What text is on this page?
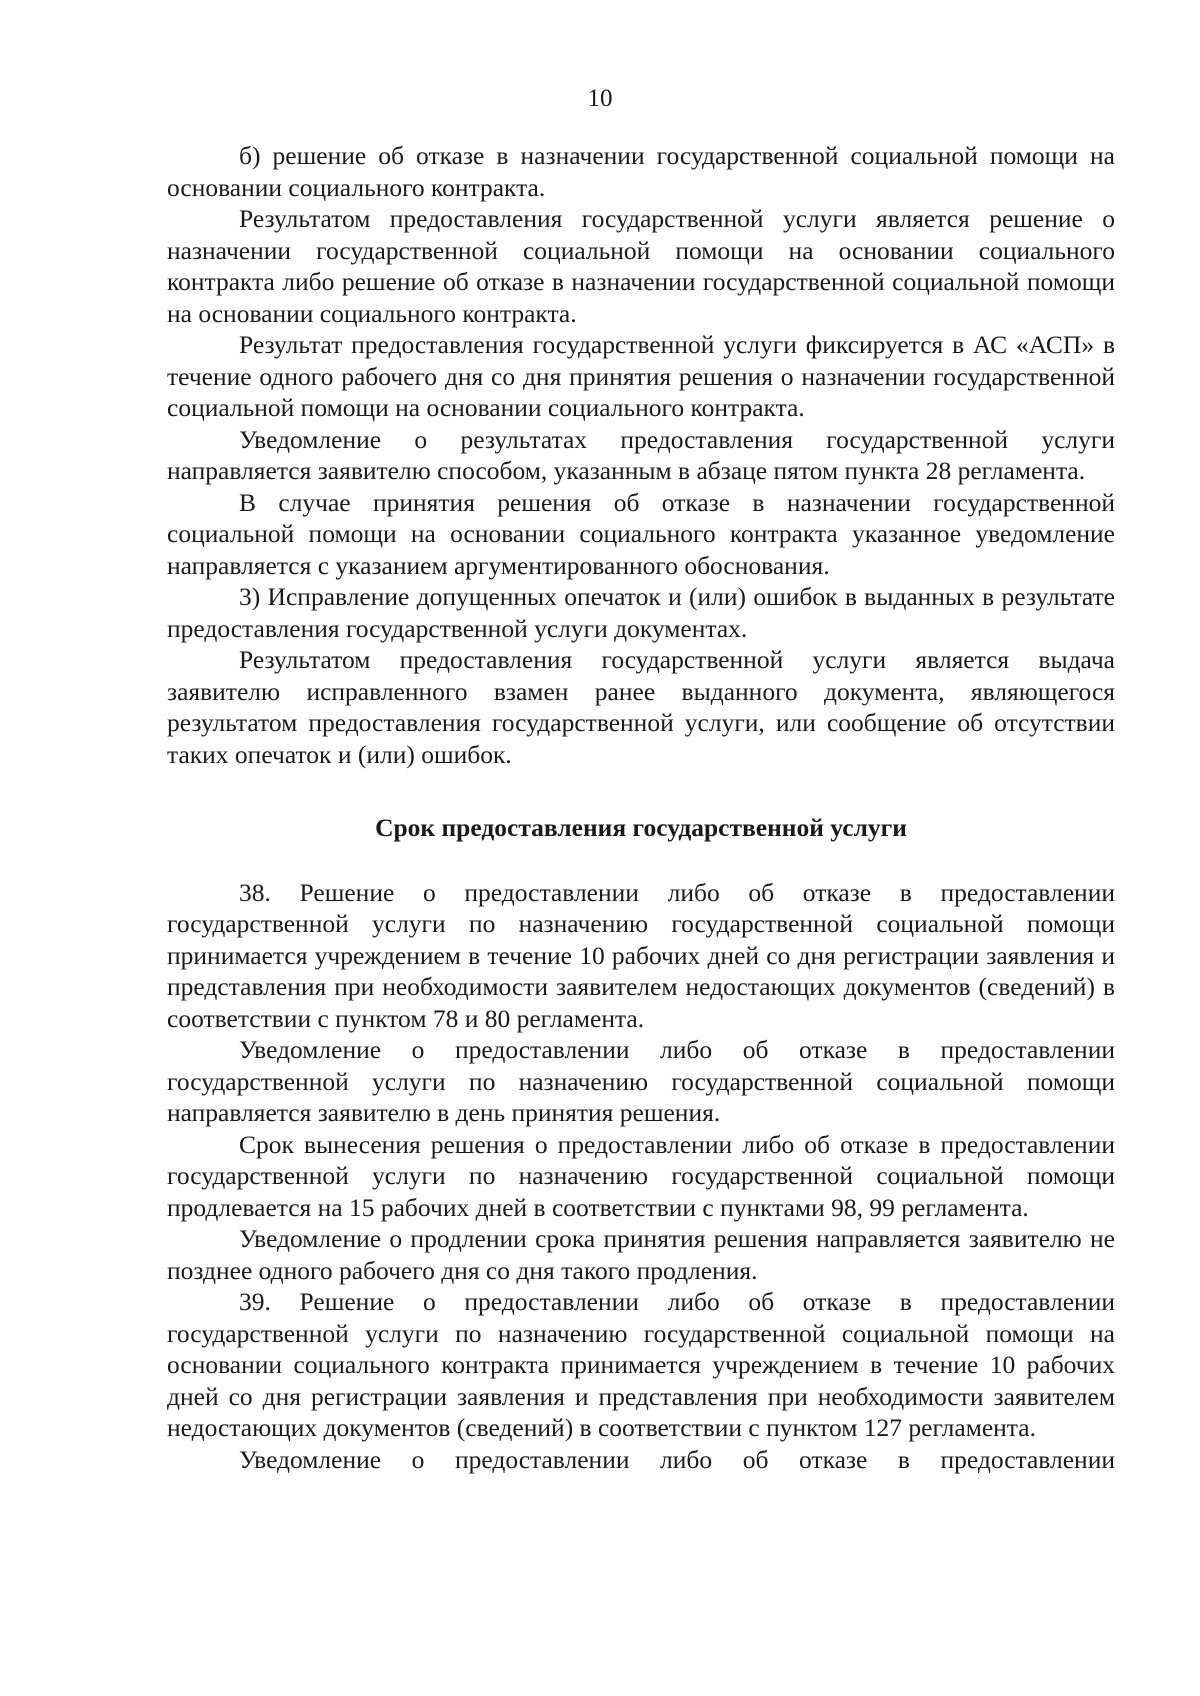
10

б) решение об отказе в назначении государственной социальной помощи на основании социального контракта.

Результатом предоставления государственной услуги является решение о назначении государственной социальной помощи на основании социального контракта либо решение об отказе в назначении государственной социальной помощи на основании социального контракта.

Результат предоставления государственной услуги фиксируется в АС «АСП» в течение одного рабочего дня со дня принятия решения о назначении государственной социальной помощи на основании социального контракта.

Уведомление о результатах предоставления государственной услуги направляется заявителю способом, указанным в абзаце пятом пункта 28 регламента.

В случае принятия решения об отказе в назначении государственной социальной помощи на основании социального контракта указанное уведомление направляется с указанием аргументированного обоснования.

3) Исправление допущенных опечаток и (или) ошибок в выданных в результате предоставления государственной услуги документах.

Результатом предоставления государственной услуги является выдача заявителю исправленного взамен ранее выданного документа, являющегося результатом предоставления государственной услуги, или сообщение об отсутствии таких опечаток и (или) ошибок.

Срок предоставления государственной услуги

38. Решение о предоставлении либо об отказе в предоставлении государственной услуги по назначению государственной социальной помощи принимается учреждением в течение 10 рабочих дней со дня регистрации заявления и представления при необходимости заявителем недостающих документов (сведений) в соответствии с пунктом 78 и 80 регламента.

Уведомление о предоставлении либо об отказе в предоставлении государственной услуги по назначению государственной социальной помощи направляется заявителю в день принятия решения.

Срок вынесения решения о предоставлении либо об отказе в предоставлении государственной услуги по назначению государственной социальной помощи продлевается на 15 рабочих дней в соответствии с пунктами 98, 99 регламента.

Уведомление о продлении срока принятия решения направляется заявителю не позднее одного рабочего дня со дня такого продления.

39. Решение о предоставлении либо об отказе в предоставлении государственной услуги по назначению государственной социальной помощи на основании социального контракта принимается учреждением в течение 10 рабочих дней со дня регистрации заявления и представления при необходимости заявителем недостающих документов (сведений) в соответствии с пунктом 127 регламента.

Уведомление о предоставлении либо об отказе в предоставлении
